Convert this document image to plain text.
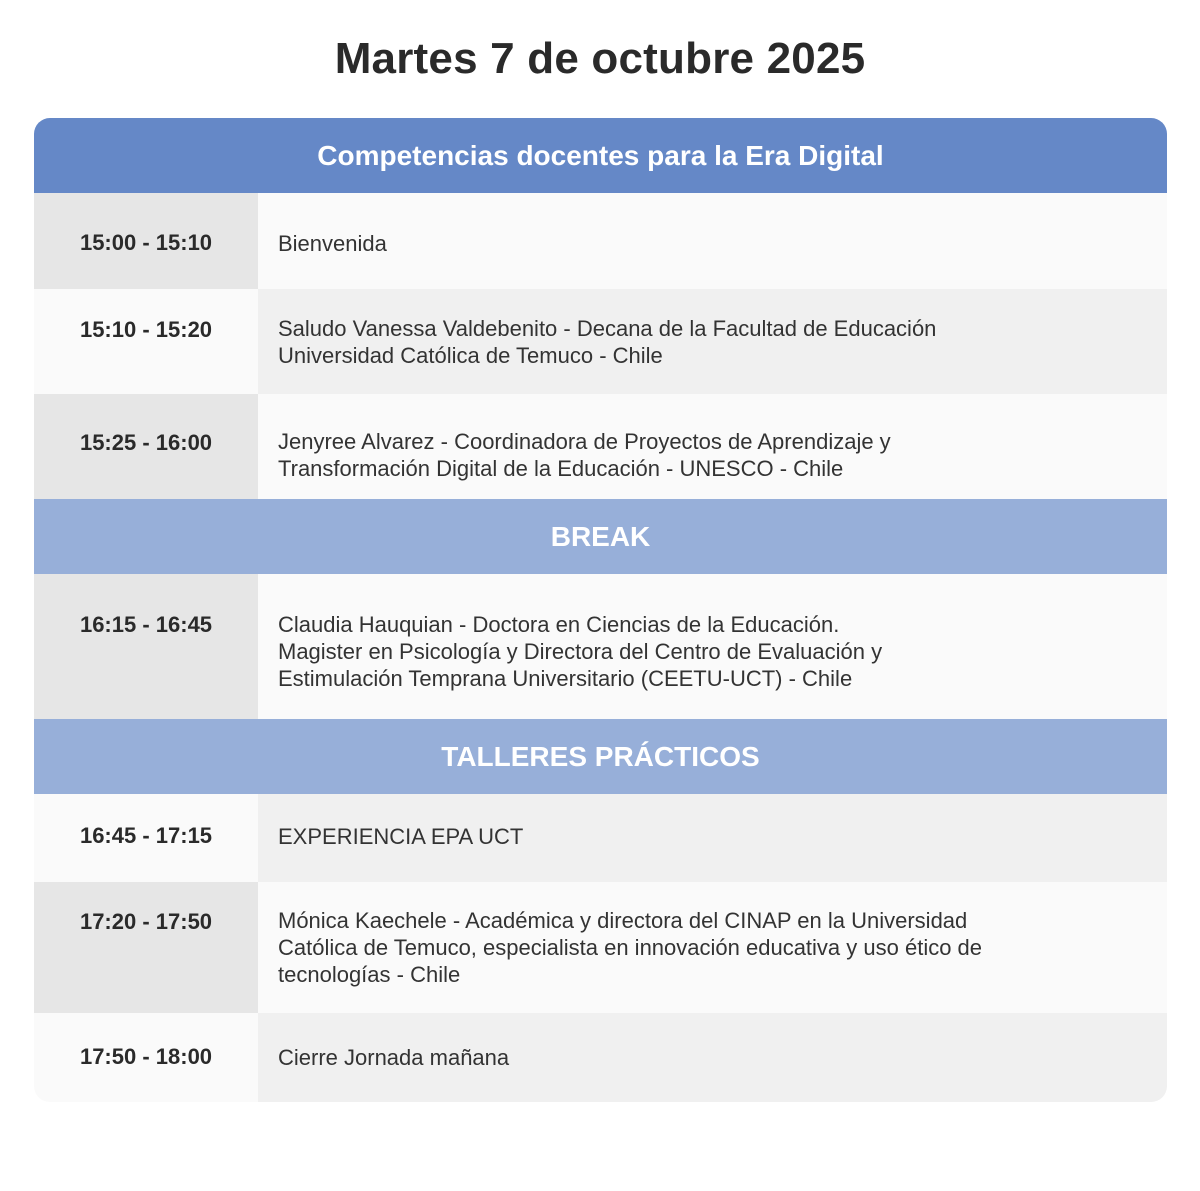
Martes 7 de octubre 2025
Competencias docentes para la Era Digital
15:00 - 15:10	Bienvenida
15:10 - 15:20	Saludo Vanessa Valdebenito - Decana de la Facultad de Educación
Universidad Católica de Temuco - Chile
15:25 - 16:00	Jenyree Alvarez - Coordinadora de Proyectos de Aprendizaje y
Transformación Digital de la Educación - UNESCO - Chile
BREAK
16:15 - 16:45	Claudia Hauquian - Doctora en Ciencias de la Educación.
Magister en Psicología y Directora del Centro de Evaluación y
Estimulación Temprana Universitario (CEETU-UCT) - Chile
TALLERES PRÁCTICOS
16:45 - 17:15	EXPERIENCIA EPA UCT
17:20 - 17:50	Mónica Kaechele - Académica y directora del CINAP en la Universidad
Católica de Temuco, especialista en innovación educativa y uso ético de
tecnologías - Chile
17:50 - 18:00	Cierre Jornada mañana
